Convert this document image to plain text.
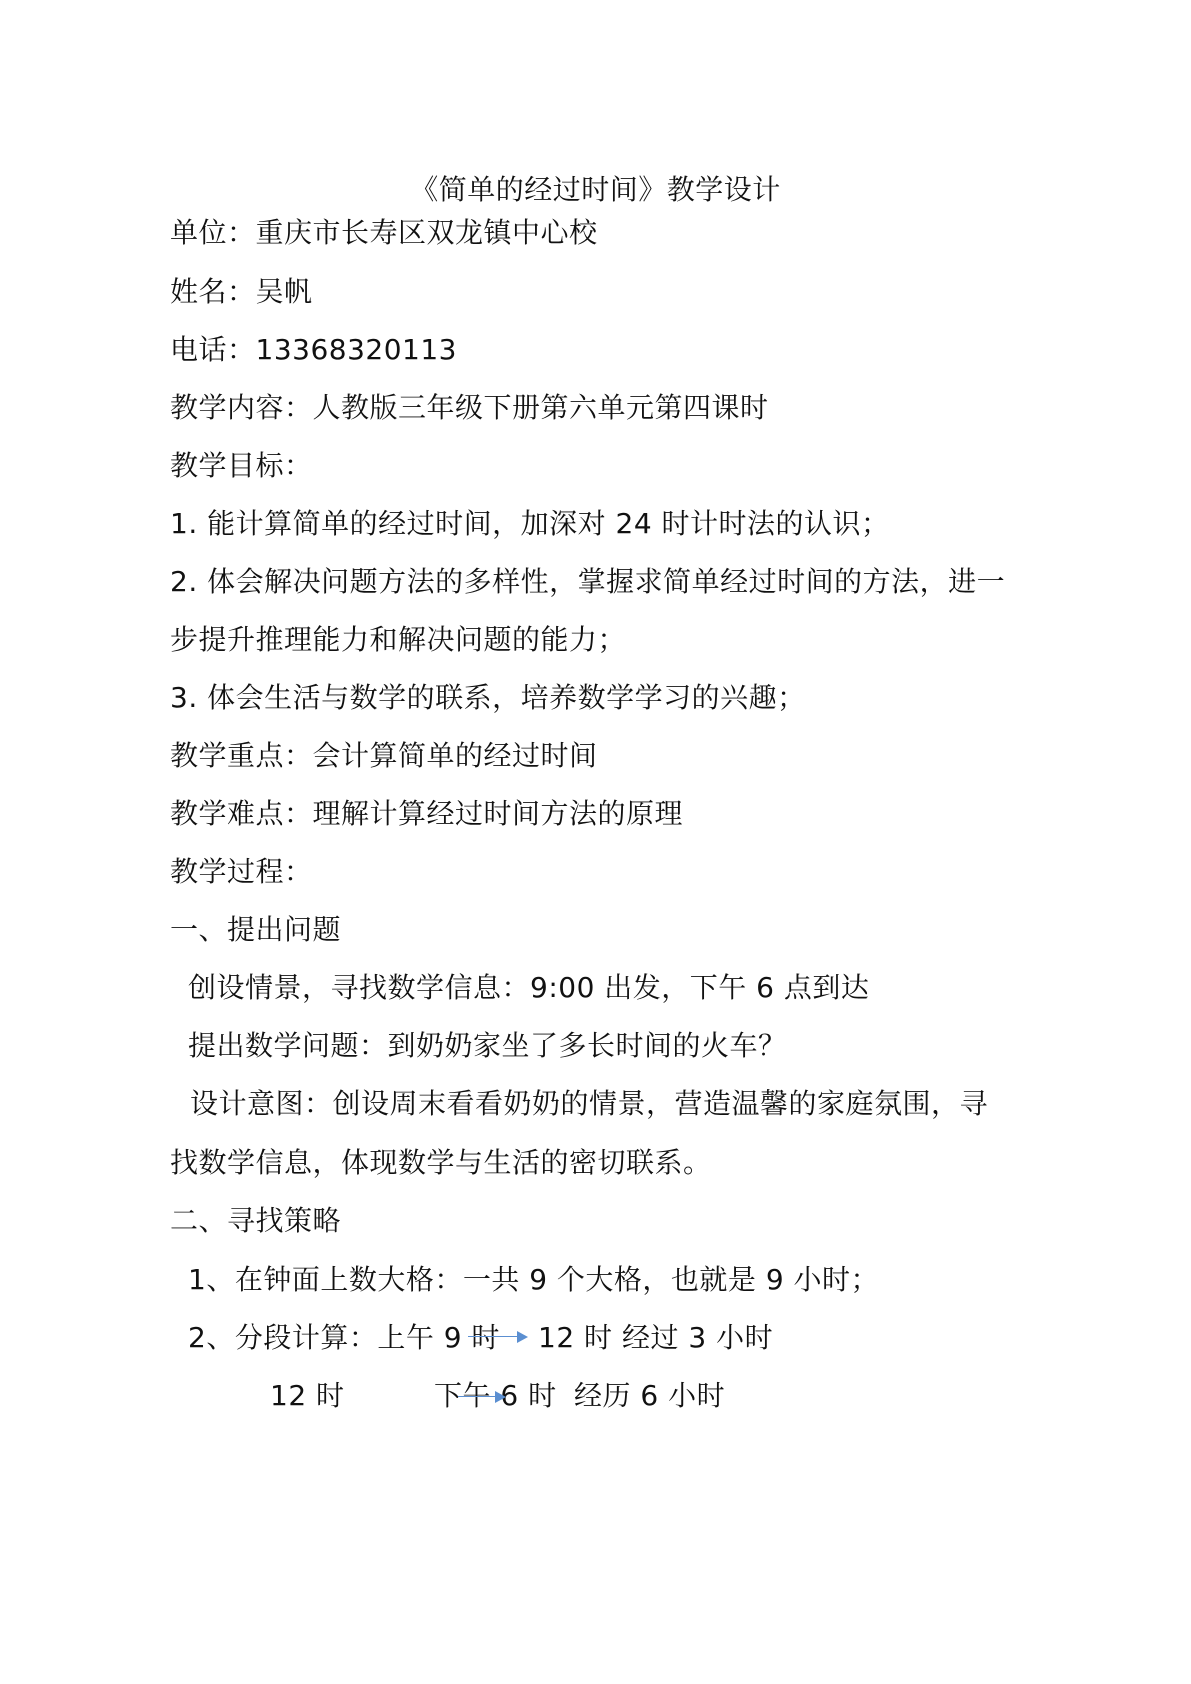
《简单的经过时间》教学设计
单位：重庆市长寿区双龙镇中心校
姓名：吴帆
电话：13368320113
教学内容：人教版三年级下册第六单元第四课时
教学目标：
1. 能计算简单的经过时间，加深对 24 时计时法的认识；
2. 体会解决问题方法的多样性，掌握求简单经过时间的方法，进一
步提升推理能力和解决问题的能力；
3. 体会生活与数学的联系，培养数学学习的兴趣；
教学重点：会计算简单的经过时间
教学难点：理解计算经过时间方法的原理
教学过程：
一、提出问题
创设情景，寻找数学信息：9:00 出发，下午 6 点到达
提出数学问题：到奶奶家坐了多长时间的火车？
设计意图：创设周末看看奶奶的情景，营造温馨的家庭氛围，寻
找数学信息，体现数学与生活的密切联系。
二、寻找策略
1、在钟面上数大格：一共 9 个大格，也就是 9 小时；
2、分段计算：上午 9 时 12 时 经过 3 小时
12 时	下午 6 时 经历 6 小时
